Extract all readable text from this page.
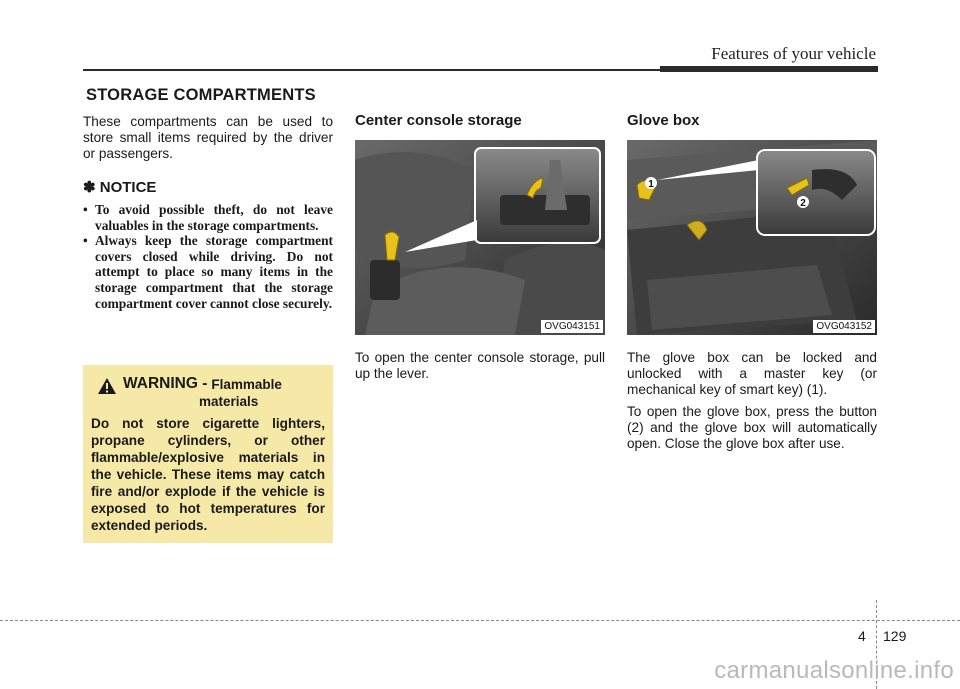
Features of your vehicle
STORAGE COMPARTMENTS

These compartments can be used to store small items required by the driver or passengers.

✽ NOTICE
• To avoid possible theft, do not leave valuables in the storage compartments.
• Always keep the storage compartment covers closed while driving. Do not attempt to place so many items in the storage compartment that the storage compartment cover cannot close securely.
WARNING - Flammable
materials

Do not store cigarette lighters, propane cylinders, or other flammable/explosive materials in the vehicle. These items may catch fire and/or explode if the vehicle is exposed to hot temperatures for extended periods.

Center console storage
OVG043151

To open the center console storage, pull up the lever.

Glove box
1
2
OVG043152

The glove box can be locked and unlocked with a master key (or mechanical key of smart key) (1).

To open the glove box, press the button (2) and the glove box will automatically open. Close the glove box after use.

4 129
carmanualsonline.info
